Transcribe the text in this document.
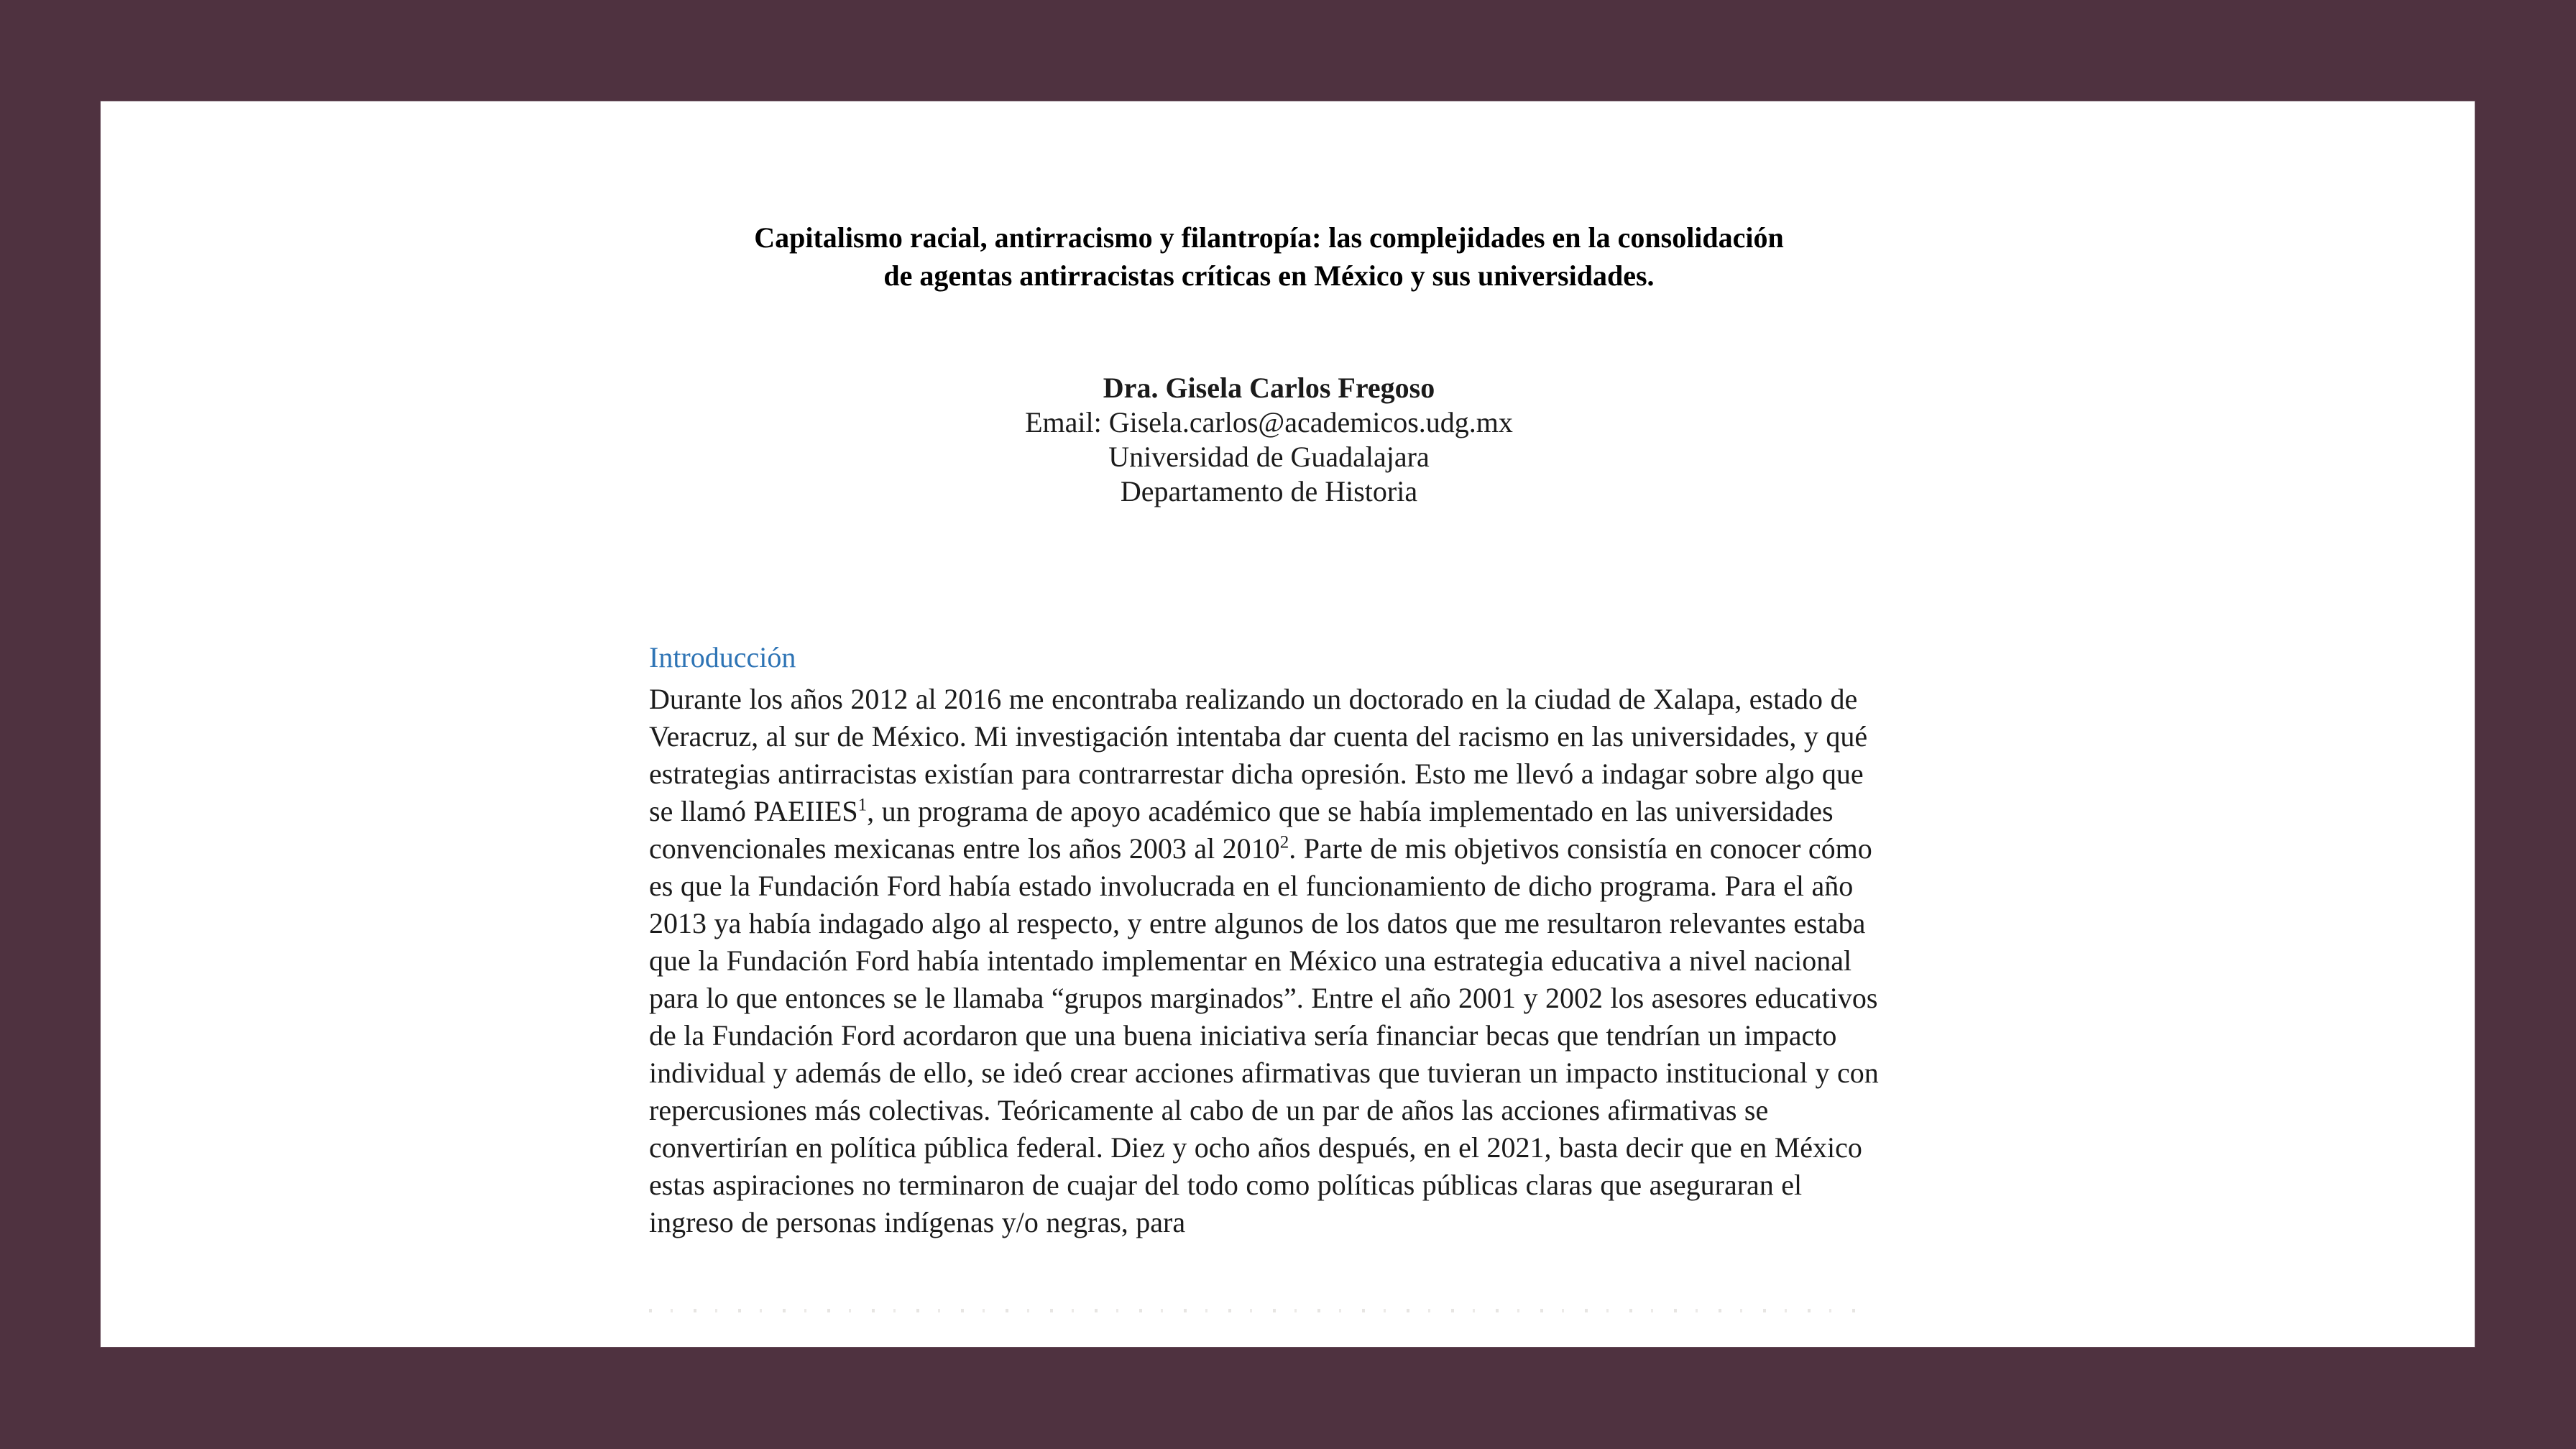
Capitalismo racial, antirracismo y filantropía: las complejidades en la consolidación
de agentas antirracistas críticas en México y sus universidades.
Dra. Gisela Carlos Fregoso
Email: Gisela.carlos@academicos.udg.mx
Universidad de Guadalajara
Departamento de Historia
Introducción

Durante los años 2012 al 2016 me encontraba realizando un doctorado en la ciudad de Xalapa, estado de Veracruz, al sur de México. Mi investigación intentaba dar cuenta del racismo en las universidades, y qué estrategias antirracistas existían para contrarrestar dicha opresión. Esto me llevó a indagar sobre algo que se llamó PAEIIES$^1$, un programa de apoyo académico que se había implementado en las universidades convencionales mexicanas entre los años 2003 al 2010$^2$. Parte de mis objetivos consistía en conocer cómo es que la Fundación Ford había estado involucrada en el funcionamiento de dicho programa. Para el año 2013 ya había indagado algo al respecto, y entre algunos de los datos que me resultaron relevantes estaba que la Fundación Ford había intentado implementar en México una estrategia educativa a nivel nacional para lo que entonces se le llamaba “grupos marginados”. Entre el año 2001 y 2002 los asesores educativos de la Fundación Ford acordaron que una buena iniciativa sería financiar becas que tendrían un impacto individual y además de ello, se ideó crear acciones afirmativas que tuvieran un impacto institucional y con repercusiones más colectivas. Teóricamente al cabo de un par de años las acciones afirmativas se convertirían en política pública federal. Diez y ocho años después, en el 2021, basta decir que en México estas aspiraciones no terminaron de cuajar del todo como políticas públicas claras que aseguraran el ingreso de personas indígenas y/o negras, para
